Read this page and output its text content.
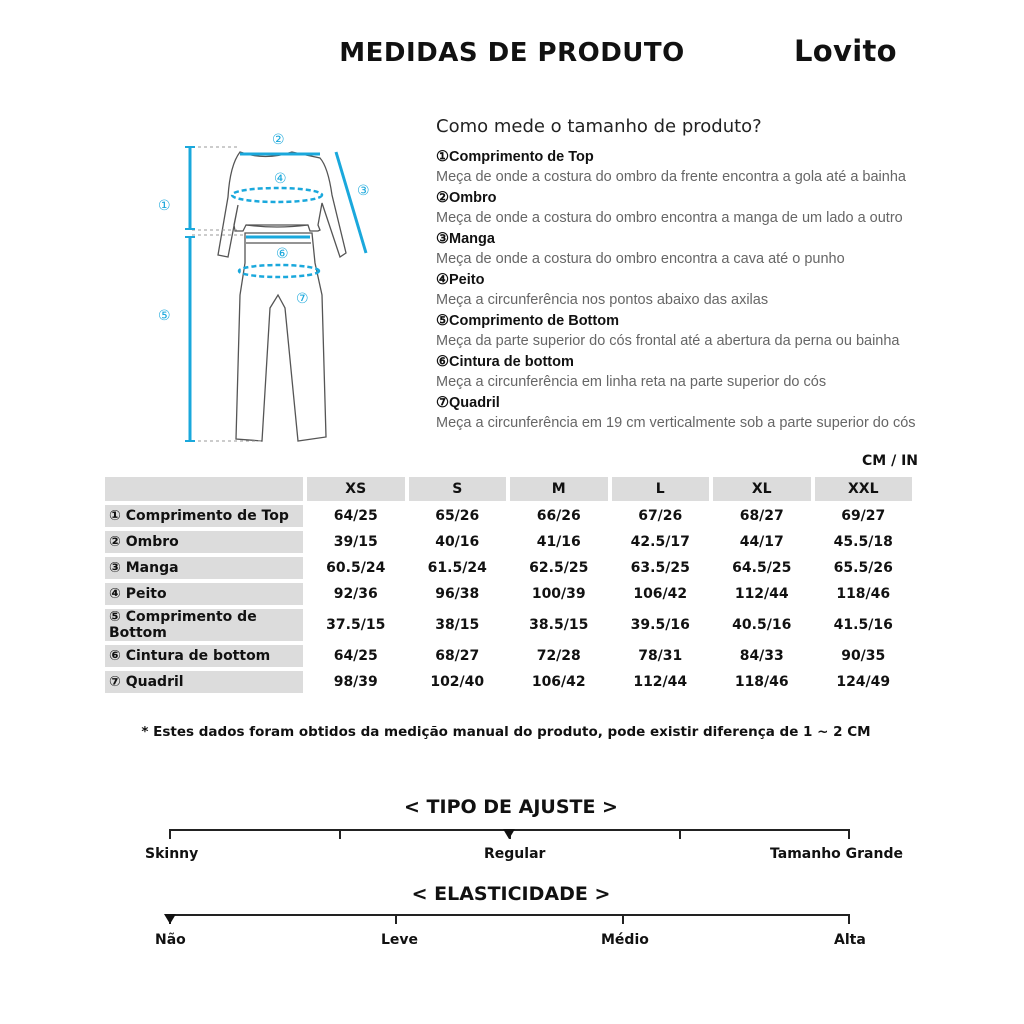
MEDIDAS DE PRODUTO	Lovito
①
②
③
④
⑤
⑥
⑦
Como mede o tamanho de produto?
①Comprimento de Top
Meça de onde a costura do ombro da frente encontra a gola até a bainha
②Ombro
Meça de onde a costura do ombro encontra a manga de um lado a outro
③Manga
Meça de onde a costura do ombro encontra a cava até o punho
④Peito
Meça a circunferência nos pontos abaixo das axilas
⑤Comprimento de Bottom
Meça da parte superior do cós frontal até a abertura da perna ou bainha
⑥Cintura de bottom
Meça a circunferência em linha reta na parte superior do cós
⑦Quadril
Meça a circunferência em 19 cm verticalmente sob a parte superior do cós
CM / IN
	XS	S	M	L	XL	XXL
① Comprimento de Top	64/25	65/26	66/26	67/26	68/27	69/27
② Ombro	39/15	40/16	41/16	42.5/17	44/17	45.5/18
③ Manga	60.5/24	61.5/24	62.5/25	63.5/25	64.5/25	65.5/26
④ Peito	92/36	96/38	100/39	106/42	112/44	118/46
⑤ Comprimento de Bottom	37.5/15	38/15	38.5/15	39.5/16	40.5/16	41.5/16
⑥ Cintura de bottom	64/25	68/27	72/28	78/31	84/33	90/35
⑦ Quadril	98/39	102/40	106/42	112/44	118/46	124/49
* Estes dados foram obtidos da medição manual do produto, pode existir diferença de 1 ~ 2 CM
< TIPO DE AJUSTE >
Skinny	Regular	Tamanho Grande
< ELASTICIDADE >
Não	Leve	Médio	Alta
